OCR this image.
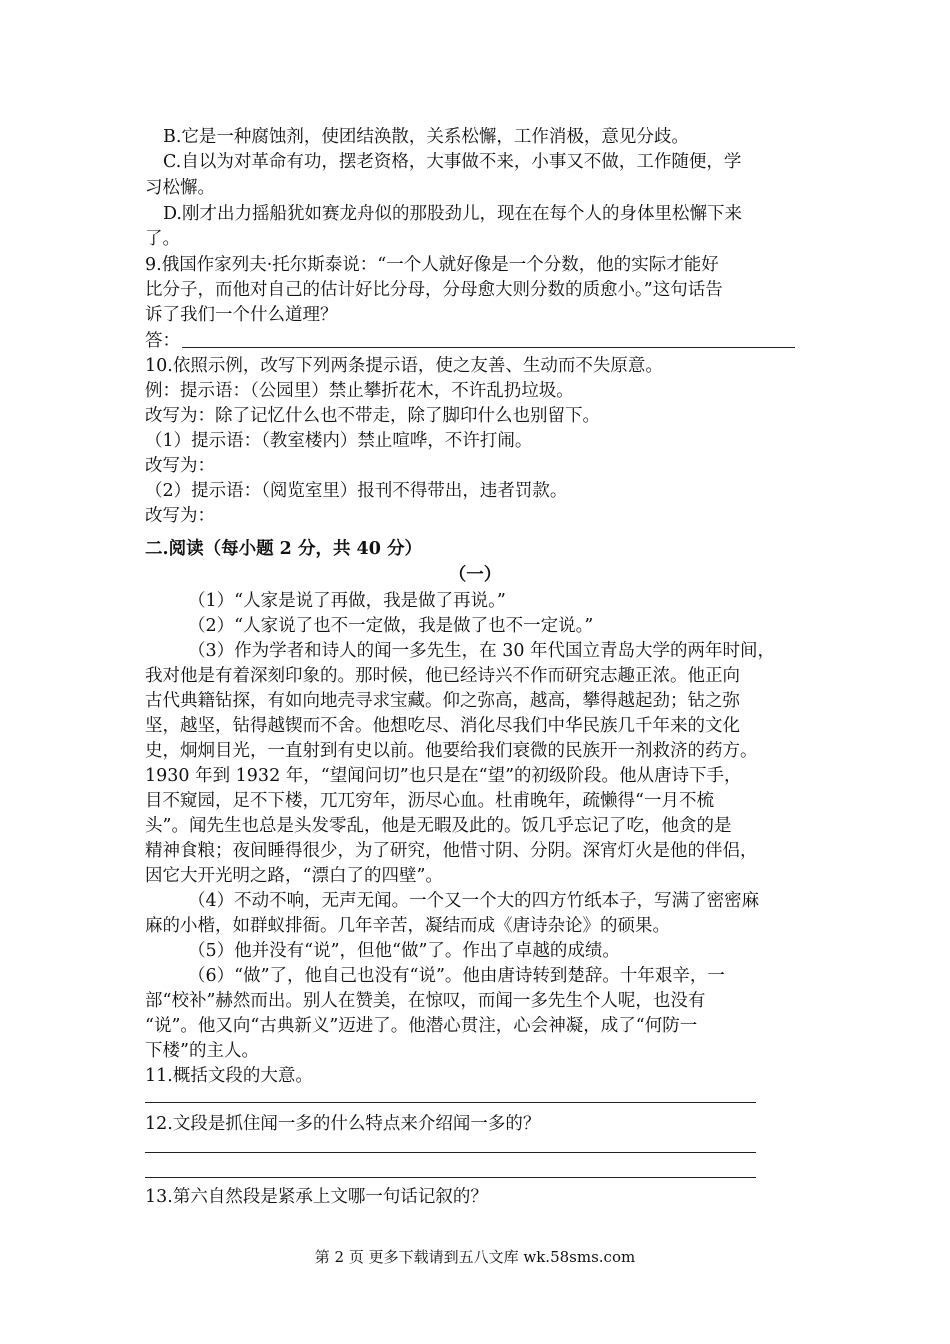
B.它是一种腐蚀剂，使团结涣散，关系松懈，工作消极，意见分歧。
C.自以为对革命有功，摆老资格，大事做不来，小事又不做，工作随便，学
习松懈。
D.刚才出力摇船犹如赛龙舟似的那股劲儿，现在在每个人的身体里松懈下来
了。
9.俄国作家列夫·托尔斯泰说：“一个人就好像是一个分数，他的实际才能好
比分子，而他对自己的估计好比分母，分母愈大则分数的质愈小。”这句话告
诉了我们一个什么道理？
答：
10.依照示例，改写下列两条提示语，使之友善、生动而不失原意。
例：提示语：（公园里）禁止攀折花木，不许乱扔垃圾。
改写为：除了记忆什么也不带走，除了脚印什么也别留下。
（1）提示语：（教室楼内）禁止喧哗，不许打闹。
改写为：
（2）提示语：（阅览室里）报刊不得带出，违者罚款。
改写为：
二.阅读（每小题 2 分，共 40 分）
（一）
（1）“人家是说了再做，我是做了再说。”
（2）“人家说了也不一定做，我是做了也不一定说。”
（3）作为学者和诗人的闻一多先生，在 30 年代国立青岛大学的两年时间，
我对他是有着深刻印象的。那时候，他已经诗兴不作而研究志趣正浓。他正向
古代典籍钻探，有如向地壳寻求宝藏。仰之弥高，越高，攀得越起劲；钻之弥
坚，越坚，钻得越锲而不舍。他想吃尽、消化尽我们中华民族几千年来的文化
史，炯炯目光，一直射到有史以前。他要给我们衰微的民族开一剂救济的药方。
1930 年到 1932 年，“望闻问切”也只是在“望”的初级阶段。他从唐诗下手，
目不窥园，足不下楼，兀兀穷年，沥尽心血。杜甫晚年，疏懒得“一月不梳
头”。闻先生也总是头发零乱，他是无暇及此的。饭几乎忘记了吃，他贪的是
精神食粮；夜间睡得很少，为了研究，他惜寸阴、分阴。深宵灯火是他的伴侣，
因它大开光明之路，“漂白了的四壁”。
（4）不动不响，无声无闻。一个又一个大的四方竹纸本子，写满了密密麻
麻的小楷，如群蚁排衙。几年辛苦，凝结而成《唐诗杂论》的硕果。
（5）他并没有“说”，但他“做”了。作出了卓越的成绩。
（6）“做”了，他自己也没有“说”。他由唐诗转到楚辞。十年艰辛，一
部“校补”赫然而出。别人在赞美，在惊叹，而闻一多先生个人呢，也没有
“说”。他又向“古典新义”迈进了。他潜心贯注，心会神凝，成了“何防一
下楼”的主人。
11.概括文段的大意。
12.文段是抓住闻一多的什么特点来介绍闻一多的？
13.第六自然段是紧承上文哪一句话记叙的？
第 2 页 更多下载请到五八文库 wk.58sms.com
